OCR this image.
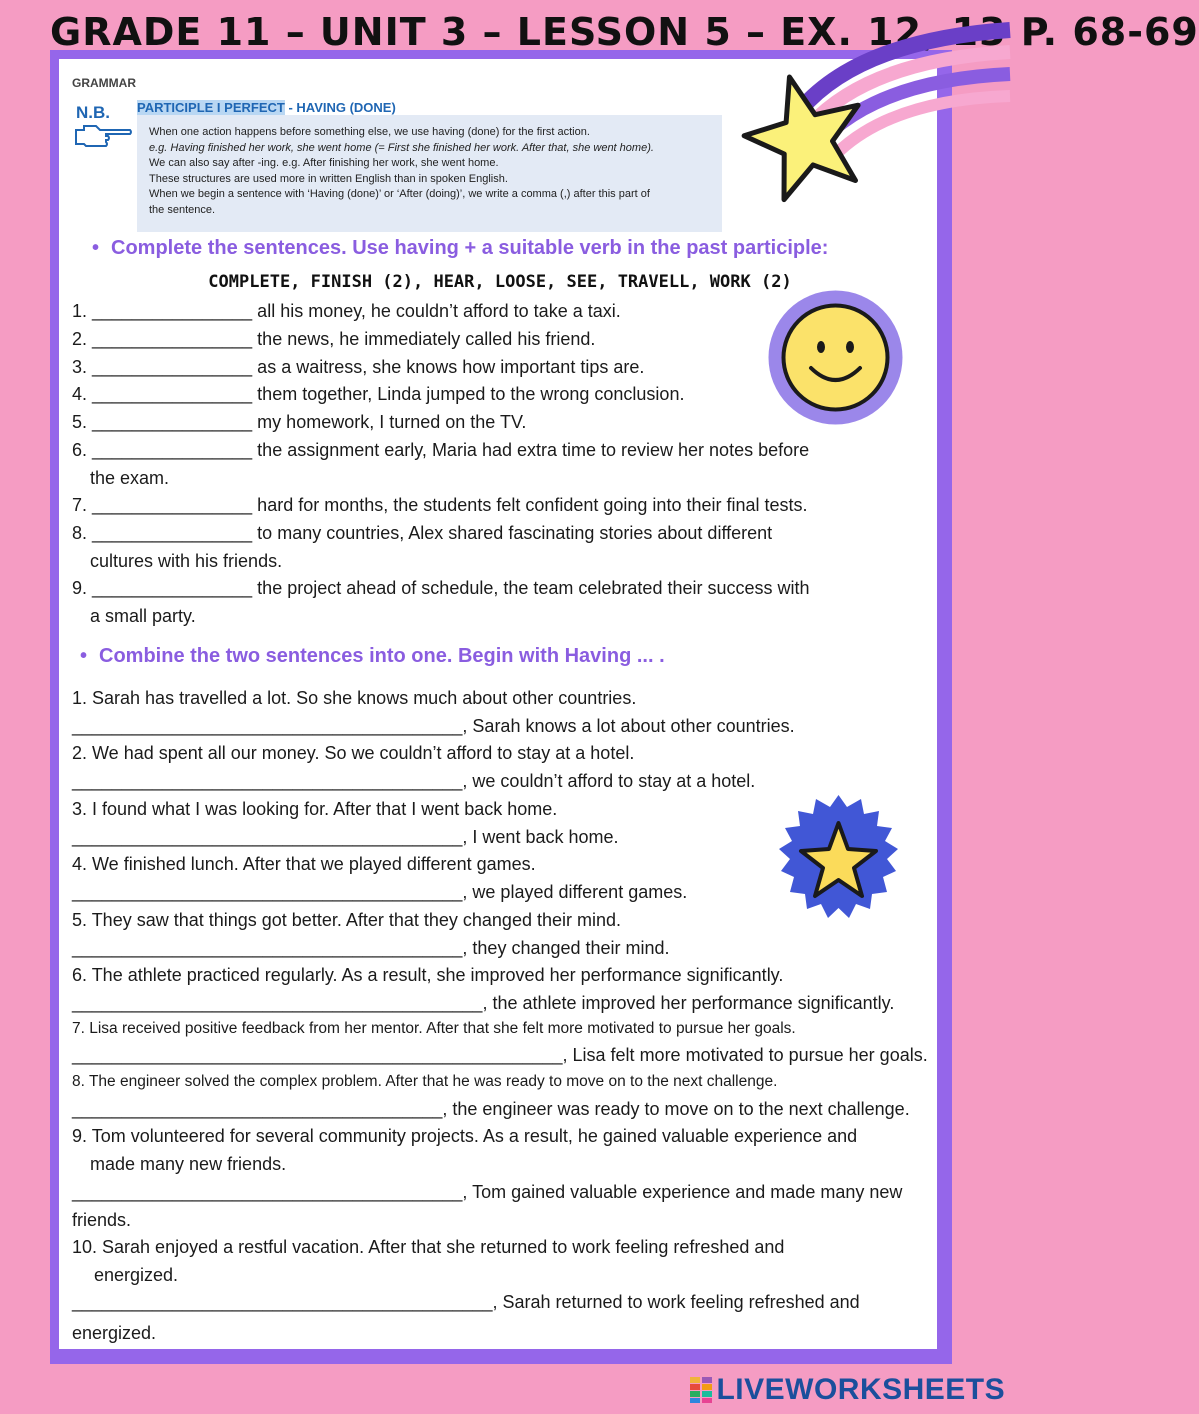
GRADE 11 – UNIT 3 – LESSON 5 – EX. 12, 13 P. 68-69
GRAMMAR
N.B. PARTICIPLE I PERFECT - HAVING (DONE)
When one action happens before something else, we use having (done) for the first action.
e.g. Having finished her work, she went home (= First she finished her work. After that, she went home).
We can also say after -ing. e.g. After finishing her work, she went home.
These structures are used more in written English than in spoken English.
When we begin a sentence with ‘Having (done)’ or ‘After (doing)’, we write a comma (,) after this part of
the sentence.
• Complete the sentences. Use having + a suitable verb in the past participle:
COMPLETE, FINISH (2), HEAR, LOOSE, SEE, TRAVELL, WORK (2)
1. ________________ all his money, he couldn’t afford to take a taxi.
2. ________________ the news, he immediately called his friend.
3. ________________ as a waitress, she knows how important tips are.
4. ________________ them together, Linda jumped to the wrong conclusion.
5. ________________ my homework, I turned on the TV.
6. ________________ the assignment early, Maria had extra time to review her notes before
the exam.
7. ________________ hard for months, the students felt confident going into their final tests.
8. ________________ to many countries, Alex shared fascinating stories about different
cultures with his friends.
9. ________________ the project ahead of schedule, the team celebrated their success with
a small party.
• Combine the two sentences into one. Begin with Having ... .
1. Sarah has travelled a lot. So she knows much about other countries.
_______________________________________, Sarah knows a lot about other countries.
2. We had spent all our money. So we couldn’t afford to stay at a hotel.
_______________________________________, we couldn’t afford to stay at a hotel.
3. I found what I was looking for. After that I went back home.
_______________________________________, I went back home.
4. We finished lunch. After that we played different games.
_______________________________________, we played different games.
5. They saw that things got better. After that they changed their mind.
_______________________________________, they changed their mind.
6. The athlete practiced regularly. As a result, she improved her performance significantly.
_________________________________________, the athlete improved her performance significantly.
7. Lisa received positive feedback from her mentor. After that she felt more motivated to pursue her goals.
_________________________________________________, Lisa felt more motivated to pursue her goals.
8. The engineer solved the complex problem. After that he was ready to move on to the next challenge.
_____________________________________, the engineer was ready to move on to the next challenge.
9. Tom volunteered for several community projects. As a result, he gained valuable experience and
made many new friends.
_______________________________________, Tom gained valuable experience and made many new
friends.
10. Sarah enjoyed a restful vacation. After that she returned to work feeling refreshed and
energized.
__________________________________________, Sarah returned to work feeling refreshed and
energized.
LIVEWORKSHEETS
